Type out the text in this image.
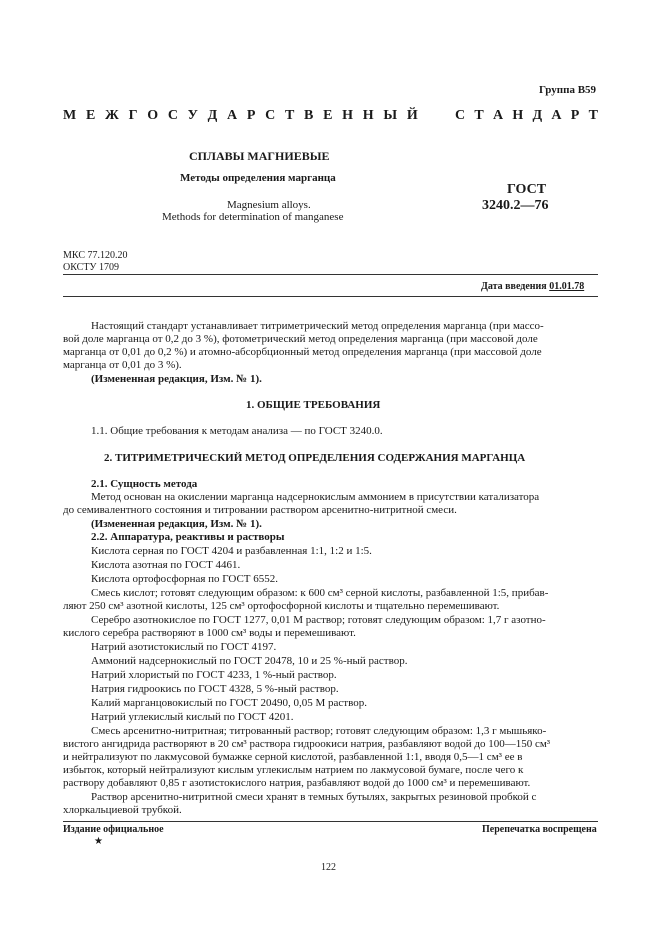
Группа В59
М Е Ж Г О С У Д А Р С Т В Е Н Н Ы Й	С Т А Н Д А Р Т
СПЛАВЫ МАГНИЕВЫЕ
Методы определения марганца
Magnesium alloys.
Methods for determination of manganese
ГОСТ
3240.2—76
МКС 77.120.20
ОКСТУ 1709
Дата введения 01.01.78
Настоящий стандарт устанавливает титриметрический метод определения марганца (при массо-
вой доле марганца от 0,2 до 3 %), фотометрический метод определения марганца (при массовой доле
марганца от 0,01 до 0,2 %) и атомно-абсорбционный метод определения марганца (при массовой доле
марганца от 0,01 до 3 %).
(Измененная редакция, Изм. № 1).
1. ОБЩИЕ ТРЕБОВАНИЯ
1.1. Общие требования к методам анализа — по ГОСТ 3240.0.
2. ТИТРИМЕТРИЧЕСКИЙ МЕТОД ОПРЕДЕЛЕНИЯ СОДЕРЖАНИЯ МАРГАНЦА
2.1. Сущность метода
Метод основан на окислении марганца надсернокислым аммонием в присутствии катализатора
до семивалентного состояния и титровании раствором арсенитно-нитритной смеси.
(Измененная редакция, Изм. № 1).
2.2. Аппаратура, реактивы и растворы
Кислота серная по ГОСТ 4204 и разбавленная 1:1, 1:2 и 1:5.
Кислота азотная по ГОСТ 4461.
Кислота ортофосфорная по ГОСТ 6552.
Смесь кислот; готовят следующим образом: к 600 см³ серной кислоты, разбавленной 1:5, прибав-
ляют 250 см³ азотной кислоты, 125 см³ ортофосфорной кислоты и тщательно перемешивают.
Серебро азотнокислое по ГОСТ 1277, 0,01 М раствор; готовят следующим образом: 1,7 г азотно-
кислого серебра растворяют в 1000 см³ воды и перемешивают.
Натрий азотистокислый по ГОСТ 4197.
Аммоний надсернокислый по ГОСТ 20478, 10 и 25 %-ный раствор.
Натрий хлористый по ГОСТ 4233, 1 %-ный раствор.
Натрия гидроокись по ГОСТ 4328, 5 %-ный раствор.
Калий марганцовокислый по ГОСТ 20490, 0,05 М раствор.
Натрий углекислый кислый по ГОСТ 4201.
Смесь арсенитно-нитритная; титрованный раствор; готовят следующим образом: 1,3 г мышьяко-
вистого ангидрида растворяют в 20 см³ раствора гидроокиси натрия, разбавляют водой до 100—150 см³
и нейтрализуют по лакмусовой бумажке серной кислотой, разбавленной 1:1, вводя 0,5—1 см³ ее в
избыток, который нейтрализуют кислым углекислым натрием по лакмусовой бумаге, после чего к
раствору добавляют 0,85 г азотистокислого натрия, разбавляют водой до 1000 см³ и перемешивают.
Раствор арсенитно-нитритной смеси хранят в темных бутылях, закрытых резиновой пробкой с
хлоркальциевой трубкой.
Издание официальное	Перепечатка воспрещена
★
122
